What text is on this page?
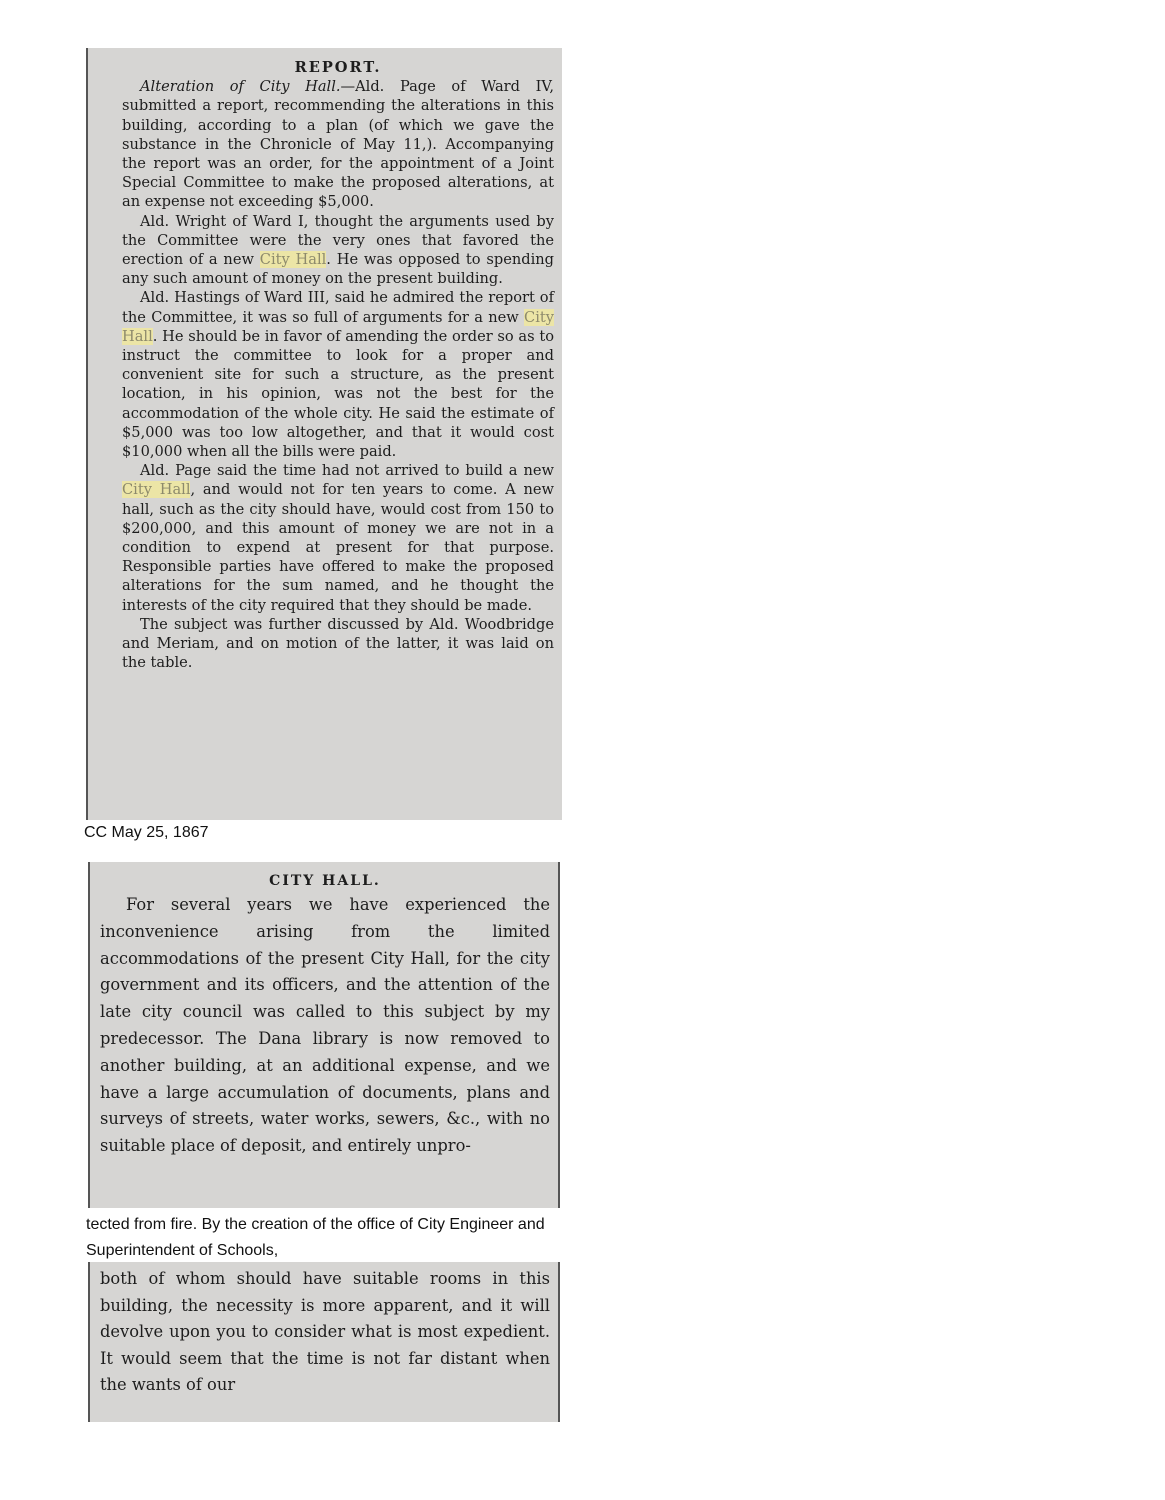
REPORT.

Alteration of City Hall.—Ald. Page of Ward IV, submitted a report, recommending the alterations in this building, according to a plan (of which we gave the substance in the Chronicle of May 11,). Accompanying the report was an order, for the appointment of a Joint Special Committee to make the proposed alterations, at an expense not exceeding $5,000.

Ald. Wright of Ward I, thought the arguments used by the Committee were the very ones that favored the erection of a new City Hall. He was opposed to spending any such amount of money on the present building.

Ald. Hastings of Ward III, said he admired the report of the Committee, it was so full of arguments for a new City Hall. He should be in favor of amending the order so as to instruct the committee to look for a proper and convenient site for such a structure, as the present location, in his opinion, was not the best for the accommodation of the whole city. He said the estimate of $5,000 was too low altogether, and that it would cost $10,000 when all the bills were paid.

Ald. Page said the time had not arrived to build a new City Hall, and would not for ten years to come. A new hall, such as the city should have, would cost from 150 to $200,000, and this amount of money we are not in a condition to expend at present for that purpose. Responsible parties have offered to make the proposed alterations for the sum named, and he thought the interests of the city required that they should be made.

The subject was further discussed by Ald. Woodbridge and Meriam, and on motion of the latter, it was laid on the table.

CC May 25, 1867
CITY HALL.

For several years we have experienced the inconvenience arising from the limited accommodations of the present City Hall, for the city government and its officers, and the attention of the late city council was called to this subject by my predecessor. The Dana library is now removed to another building, at an additional expense, and we have a large accumulation of documents, plans and surveys of streets, water works, sewers, &c., with no suitable place of deposit, and entirely unpro-

tected from fire. By the creation of the office of City Engineer and Superintendent of Schools,

both of whom should have suitable rooms in this building, the necessity is more apparent, and it will devolve upon you to consider what is most expedient. It would seem that the time is not far distant when the wants of our
